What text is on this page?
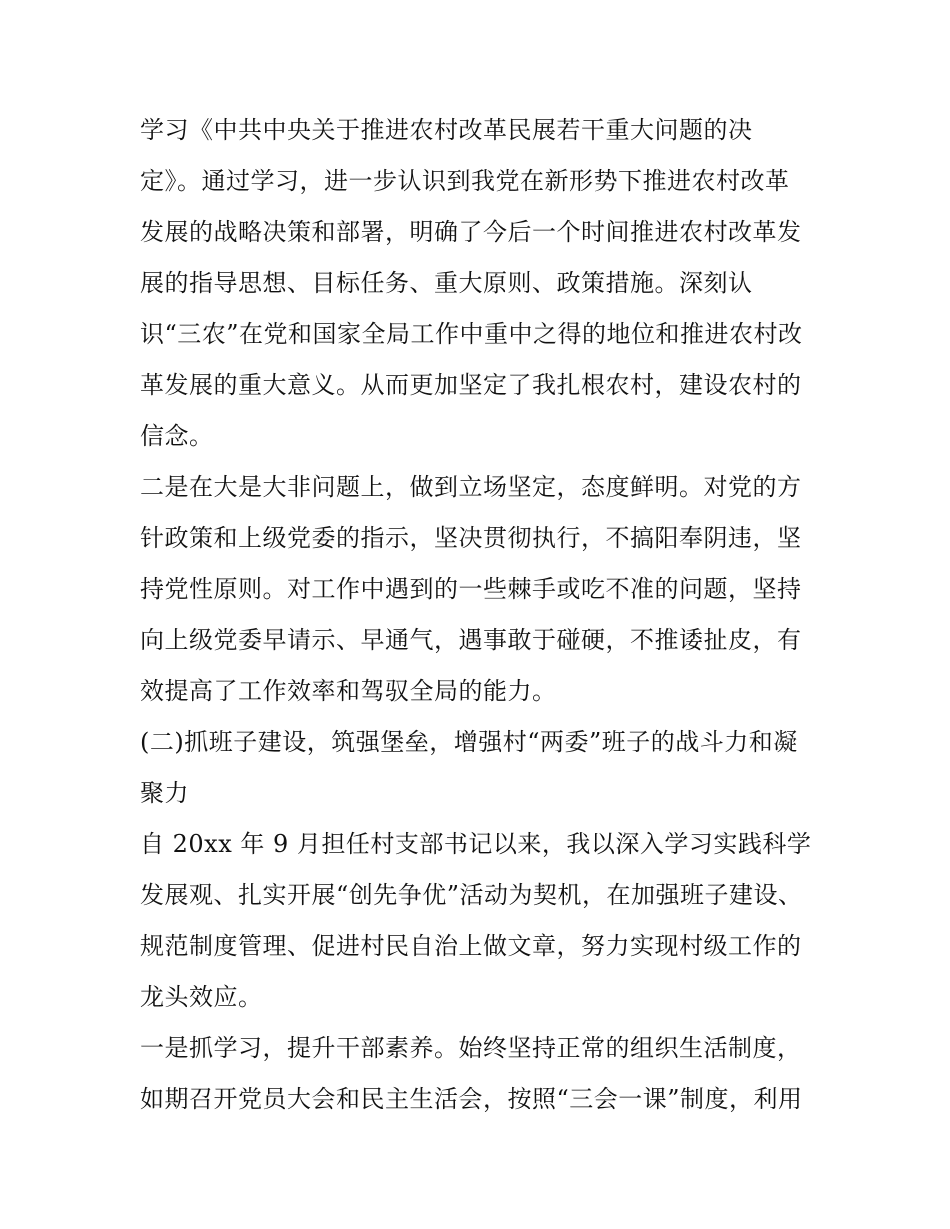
学习《中共中央关于推进农村改革民展若干重大问题的决
定》。通过学习，进一步认识到我党在新形势下推进农村改革
发展的战略决策和部署，明确了今后一个时间推进农村改革发
展的指导思想、目标任务、重大原则、政策措施。深刻认
识“三农”在党和国家全局工作中重中之得的地位和推进农村改
革发展的重大意义。从而更加坚定了我扎根农村，建设农村的
信念。
二是在大是大非问题上，做到立场坚定，态度鲜明。对党的方
针政策和上级党委的指示，坚决贯彻执行，不搞阳奉阴违，坚
持党性原则。对工作中遇到的一些棘手或吃不准的问题，坚持
向上级党委早请示、早通气，遇事敢于碰硬，不推诿扯皮，有
效提高了工作效率和驾驭全局的能力。
(二)抓班子建设，筑强堡垒，增强村“两委”班子的战斗力和凝
聚力
自 20xx 年 9 月担任村支部书记以来，我以深入学习实践科学
发展观、扎实开展“创先争优”活动为契机，在加强班子建设、
规范制度管理、促进村民自治上做文章，努力实现村级工作的
龙头效应。
一是抓学习，提升干部素养。始终坚持正常的组织生活制度，
如期召开党员大会和民主生活会，按照“三会一课”制度，利用
